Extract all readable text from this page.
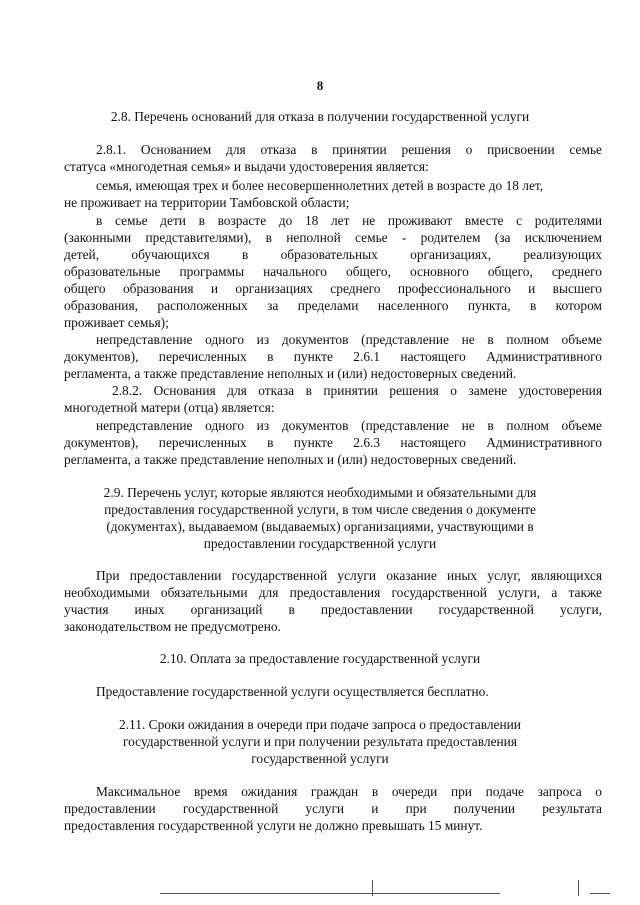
8
2.8. Перечень оснований для отказа в получении государственной услуги
2.8.1. Основанием для отказа в принятии решения о присвоении семье
статуса «многодетная семья» и выдачи удостоверения является:
семья, имеющая трех и более несовершеннолетних детей в возрасте до 18 лет,
не проживает на территории Тамбовской области;
в семье дети в возрасте до 18 лет не проживают вместе с родителями
(законными представителями), в неполной семье - родителем (за исключением
детей, обучающихся в образовательных организациях, реализующих
образовательные программы начального общего, основного общего, среднего
общего образования и организациях среднего профессионального и высшего
образования, расположенных за пределами населенного пункта, в котором
проживает семья);
непредставление одного из документов (представление не в полном объеме
документов), перечисленных в пункте 2.6.1 настоящего Административного
регламента, а также представление неполных и (или) недостоверных сведений.
2.8.2. Основания для отказа в принятии решения о замене удостоверения
многодетной матери (отца) является:
непредставление одного из документов (представление не в полном объеме
документов), перечисленных в пункте 2.6.3 настоящего Административного
регламента, а также представление неполных и (или) недостоверных сведений.
2.9. Перечень услуг, которые являются необходимыми и обязательными для
предоставления государственной услуги, в том числе сведения о документе
(документах), выдаваемом (выдаваемых) организациями, участвующими в
предоставлении государственной услуги
При предоставлении государственной услуги оказание иных услуг, являющихся
необходимыми обязательными для предоставления государственной услуги, а также
участия иных организаций в предоставлении государственной услуги,
законодательством не предусмотрено.
2.10. Оплата за предоставление государственной услуги
Предоставление государственной услуги осуществляется бесплатно.
2.11. Сроки ожидания в очереди при подаче запроса о предоставлении
государственной услуги и при получении результата предоставления
государственной услуги
Максимальное время ожидания граждан в очереди при подаче запроса о
предоставлении государственной услуги и при получении результата
предоставления государственной услуги не должно превышать 15 минут.
